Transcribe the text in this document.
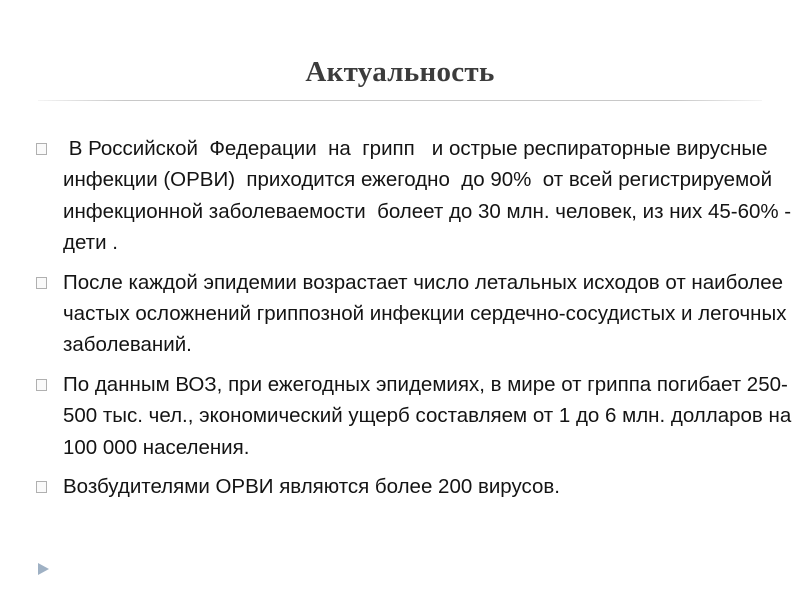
Актуальность
В Российской  Федерации  на  грипп   и острые респираторные вирусные инфекции (ОРВИ)  приходится ежегодно  до 90%  от всей регистрируемой   инфекционной заболеваемости  болеет до 30 млн. человек, из них 45-60% - дети .
После каждой эпидемии возрастает число летальных исходов от наиболее частых осложнений гриппозной инфекции сердечно-сосудистых и легочных заболеваний.
По данным ВОЗ, при ежегодных эпидемиях, в мире от гриппа погибает 250-500 тыс. чел., экономический ущерб составляем от 1 до 6 млн. долларов на 100 000 населения.
Возбудителями ОРВИ являются более 200 вирусов.
